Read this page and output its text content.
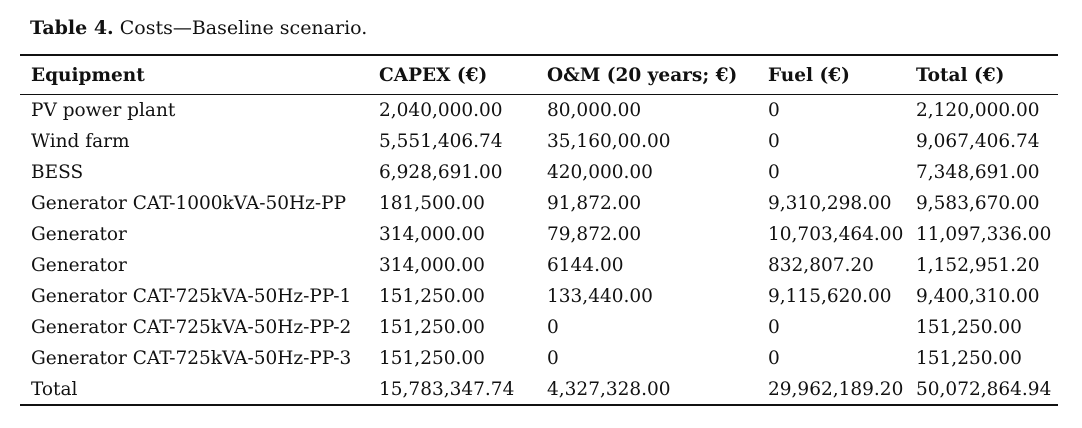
Table 4. Costs—Baseline scenario.
Equipment	CAPEX (€)	O&M (20 years; €)	Fuel (€)	Total (€)
PV power plant	2,040,000.00	80,000.00	0	2,120,000.00
Wind farm	5,551,406.74	35,160,00.00	0	9,067,406.74
BESS	6,928,691.00	420,000.00	0	7,348,691.00
Generator CAT-1000kVA-50Hz-PP	181,500.00	91,872.00	9,310,298.00	9,583,670.00
Generator	314,000.00	79,872.00	10,703,464.00	11,097,336.00
Generator	314,000.00	6144.00	832,807.20	1,152,951.20
Generator CAT-725kVA-50Hz-PP-1	151,250.00	133,440.00	9,115,620.00	9,400,310.00
Generator CAT-725kVA-50Hz-PP-2	151,250.00	0	0	151,250.00
Generator CAT-725kVA-50Hz-PP-3	151,250.00	0	0	151,250.00
Total	15,783,347.74	4,327,328.00	29,962,189.20	50,072,864.94
